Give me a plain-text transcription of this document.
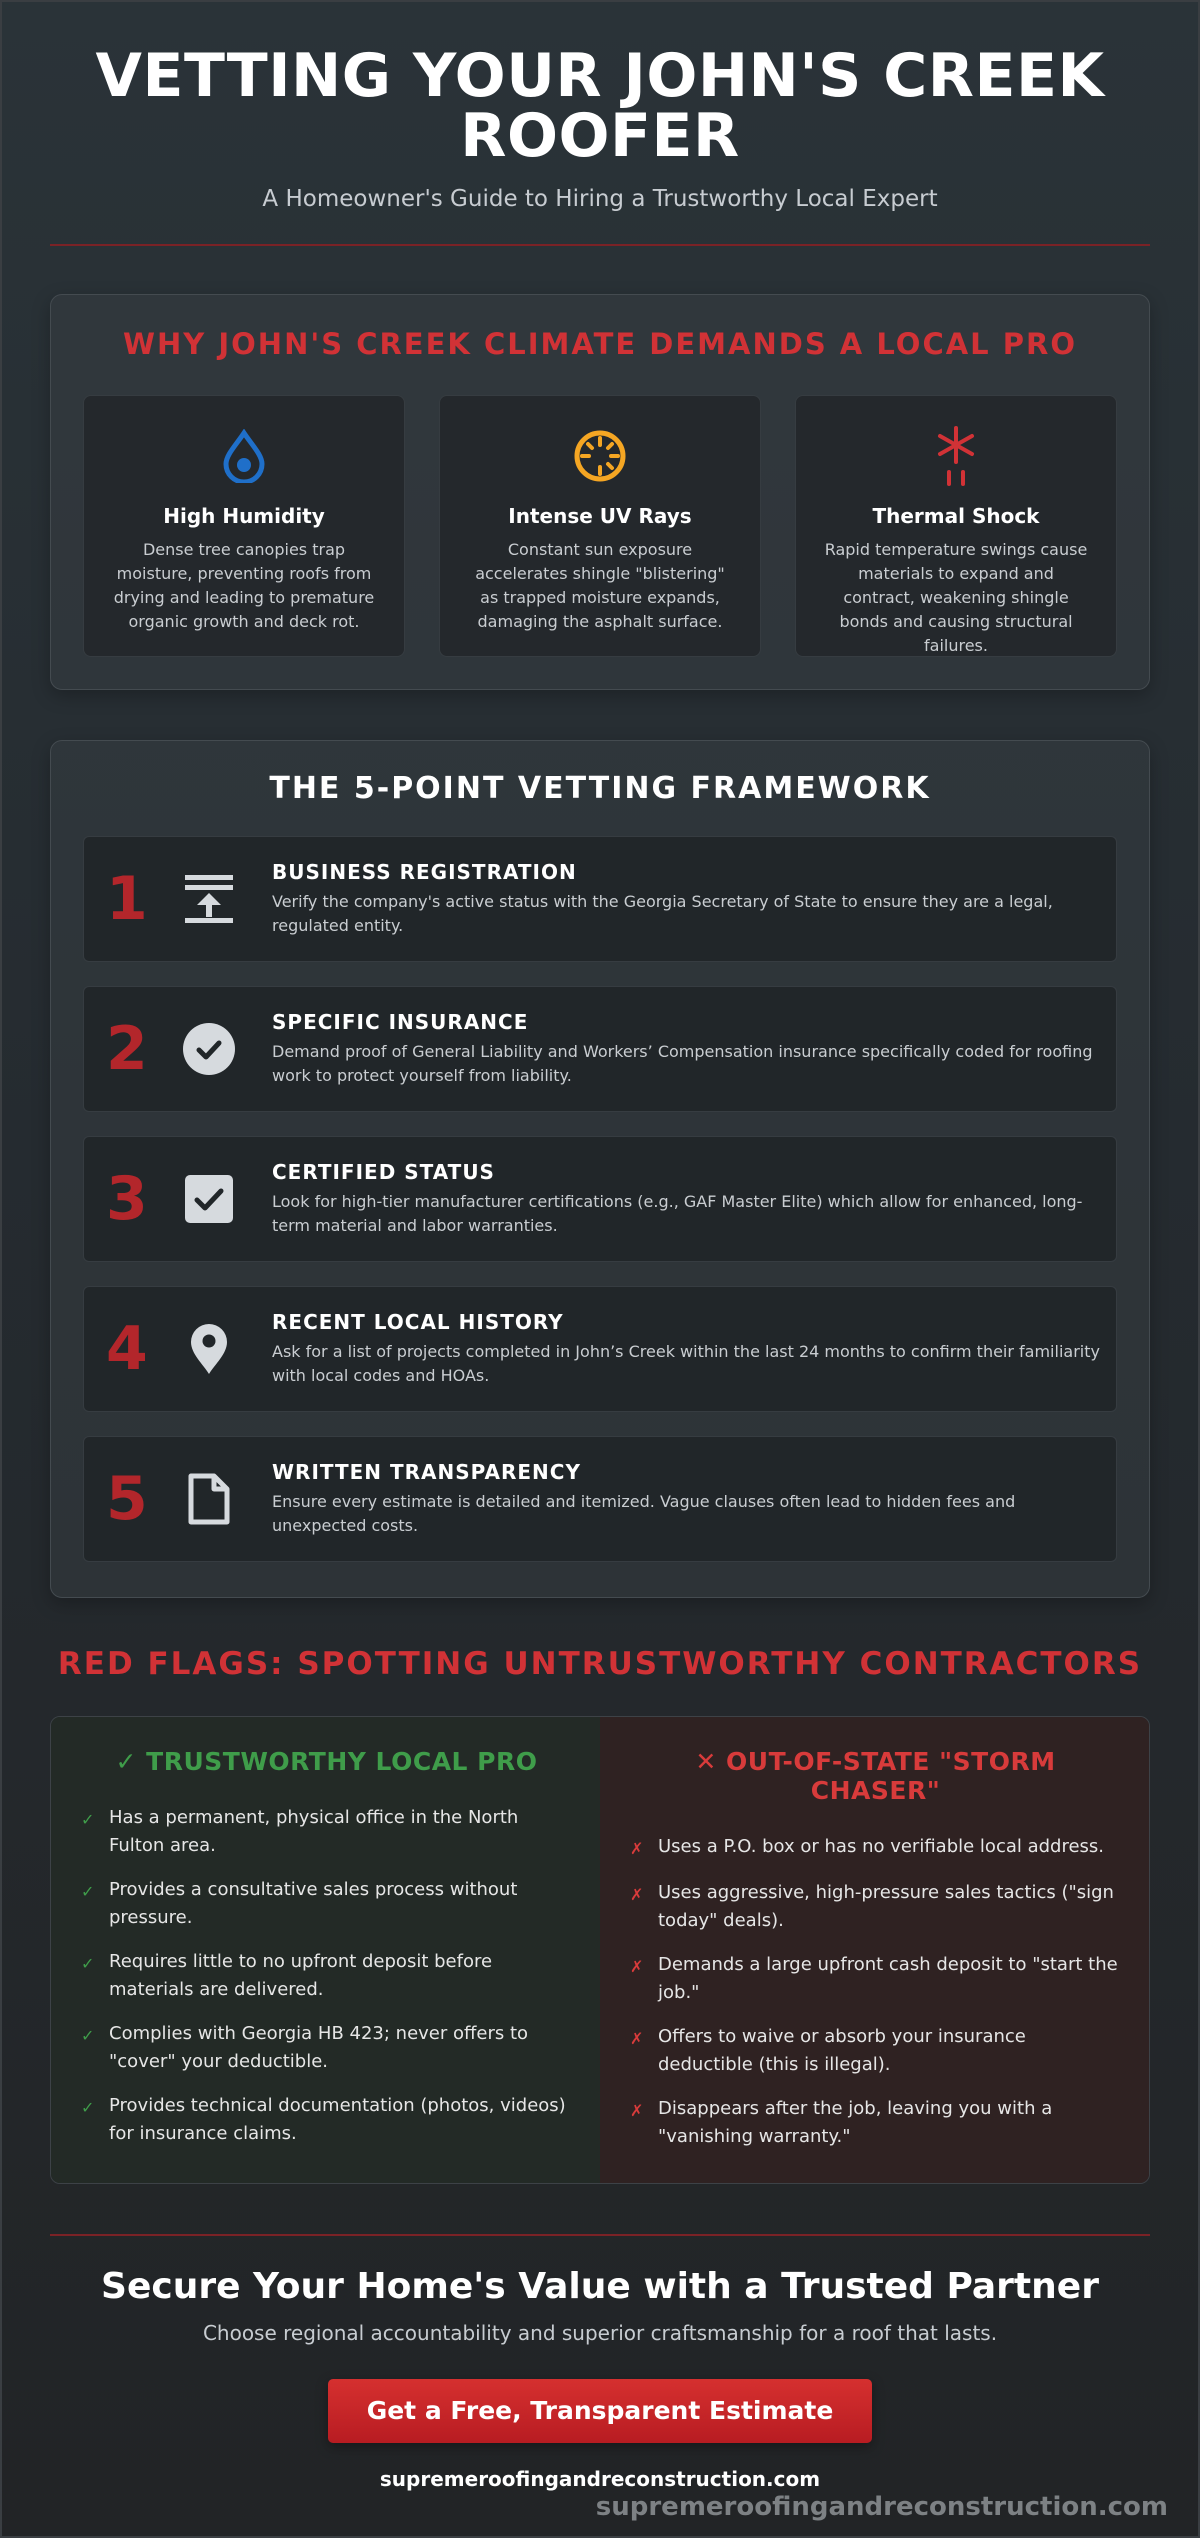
VETTING YOUR JOHN'S CREEK ROOFER
A Homeowner's Guide to Hiring a Trustworthy Local Expert
WHY JOHN'S CREEK CLIMATE DEMANDS A LOCAL PRO
High Humidity
Dense tree canopies trap moisture, preventing roofs from drying and leading to premature organic growth and deck rot.
Intense UV Rays
Constant sun exposure accelerates shingle "blistering" as trapped moisture expands, damaging the asphalt surface.
Thermal Shock
Rapid temperature swings cause materials to expand and contract, weakening shingle bonds and causing structural failures.
THE 5-POINT VETTING FRAMEWORK
1	BUSINESS REGISTRATION
Verify the company's active status with the Georgia Secretary of State to ensure they are a legal, regulated entity.
2	SPECIFIC INSURANCE
Demand proof of General Liability and Workers’ Compensation insurance specifically coded for roofing work to protect yourself from liability.
3	CERTIFIED STATUS
Look for high-tier manufacturer certifications (e.g., GAF Master Elite) which allow for enhanced, long-term material and labor warranties.
4	RECENT LOCAL HISTORY
Ask for a list of projects completed in John’s Creek within the last 24 months to confirm their familiarity with local codes and HOAs.
5	WRITTEN TRANSPARENCY
Ensure every estimate is detailed and itemized. Vague clauses often lead to hidden fees and unexpected costs.
RED FLAGS: SPOTTING UNTRUSTWORTHY CONTRACTORS
✓ TRUSTWORTHY LOCAL PRO
✓ Has a permanent, physical office in the North Fulton area.
✓ Provides a consultative sales process without pressure.
✓ Requires little to no upfront deposit before materials are delivered.
✓ Complies with Georgia HB 423; never offers to "cover" your deductible.
✓ Provides technical documentation (photos, videos) for insurance claims.
✕ OUT-OF-STATE "STORM CHASER"
✗ Uses a P.O. box or has no verifiable local address.
✗ Uses aggressive, high-pressure sales tactics ("sign today" deals).
✗ Demands a large upfront cash deposit to "start the job."
✗ Offers to waive or absorb your insurance deductible (this is illegal).
✗ Disappears after the job, leaving you with a "vanishing warranty."
Secure Your Home's Value with a Trusted Partner
Choose regional accountability and superior craftsmanship for a roof that lasts.
Get a Free, Transparent Estimate
supremeroofingandreconstruction.com
supremeroofingandreconstruction.com
